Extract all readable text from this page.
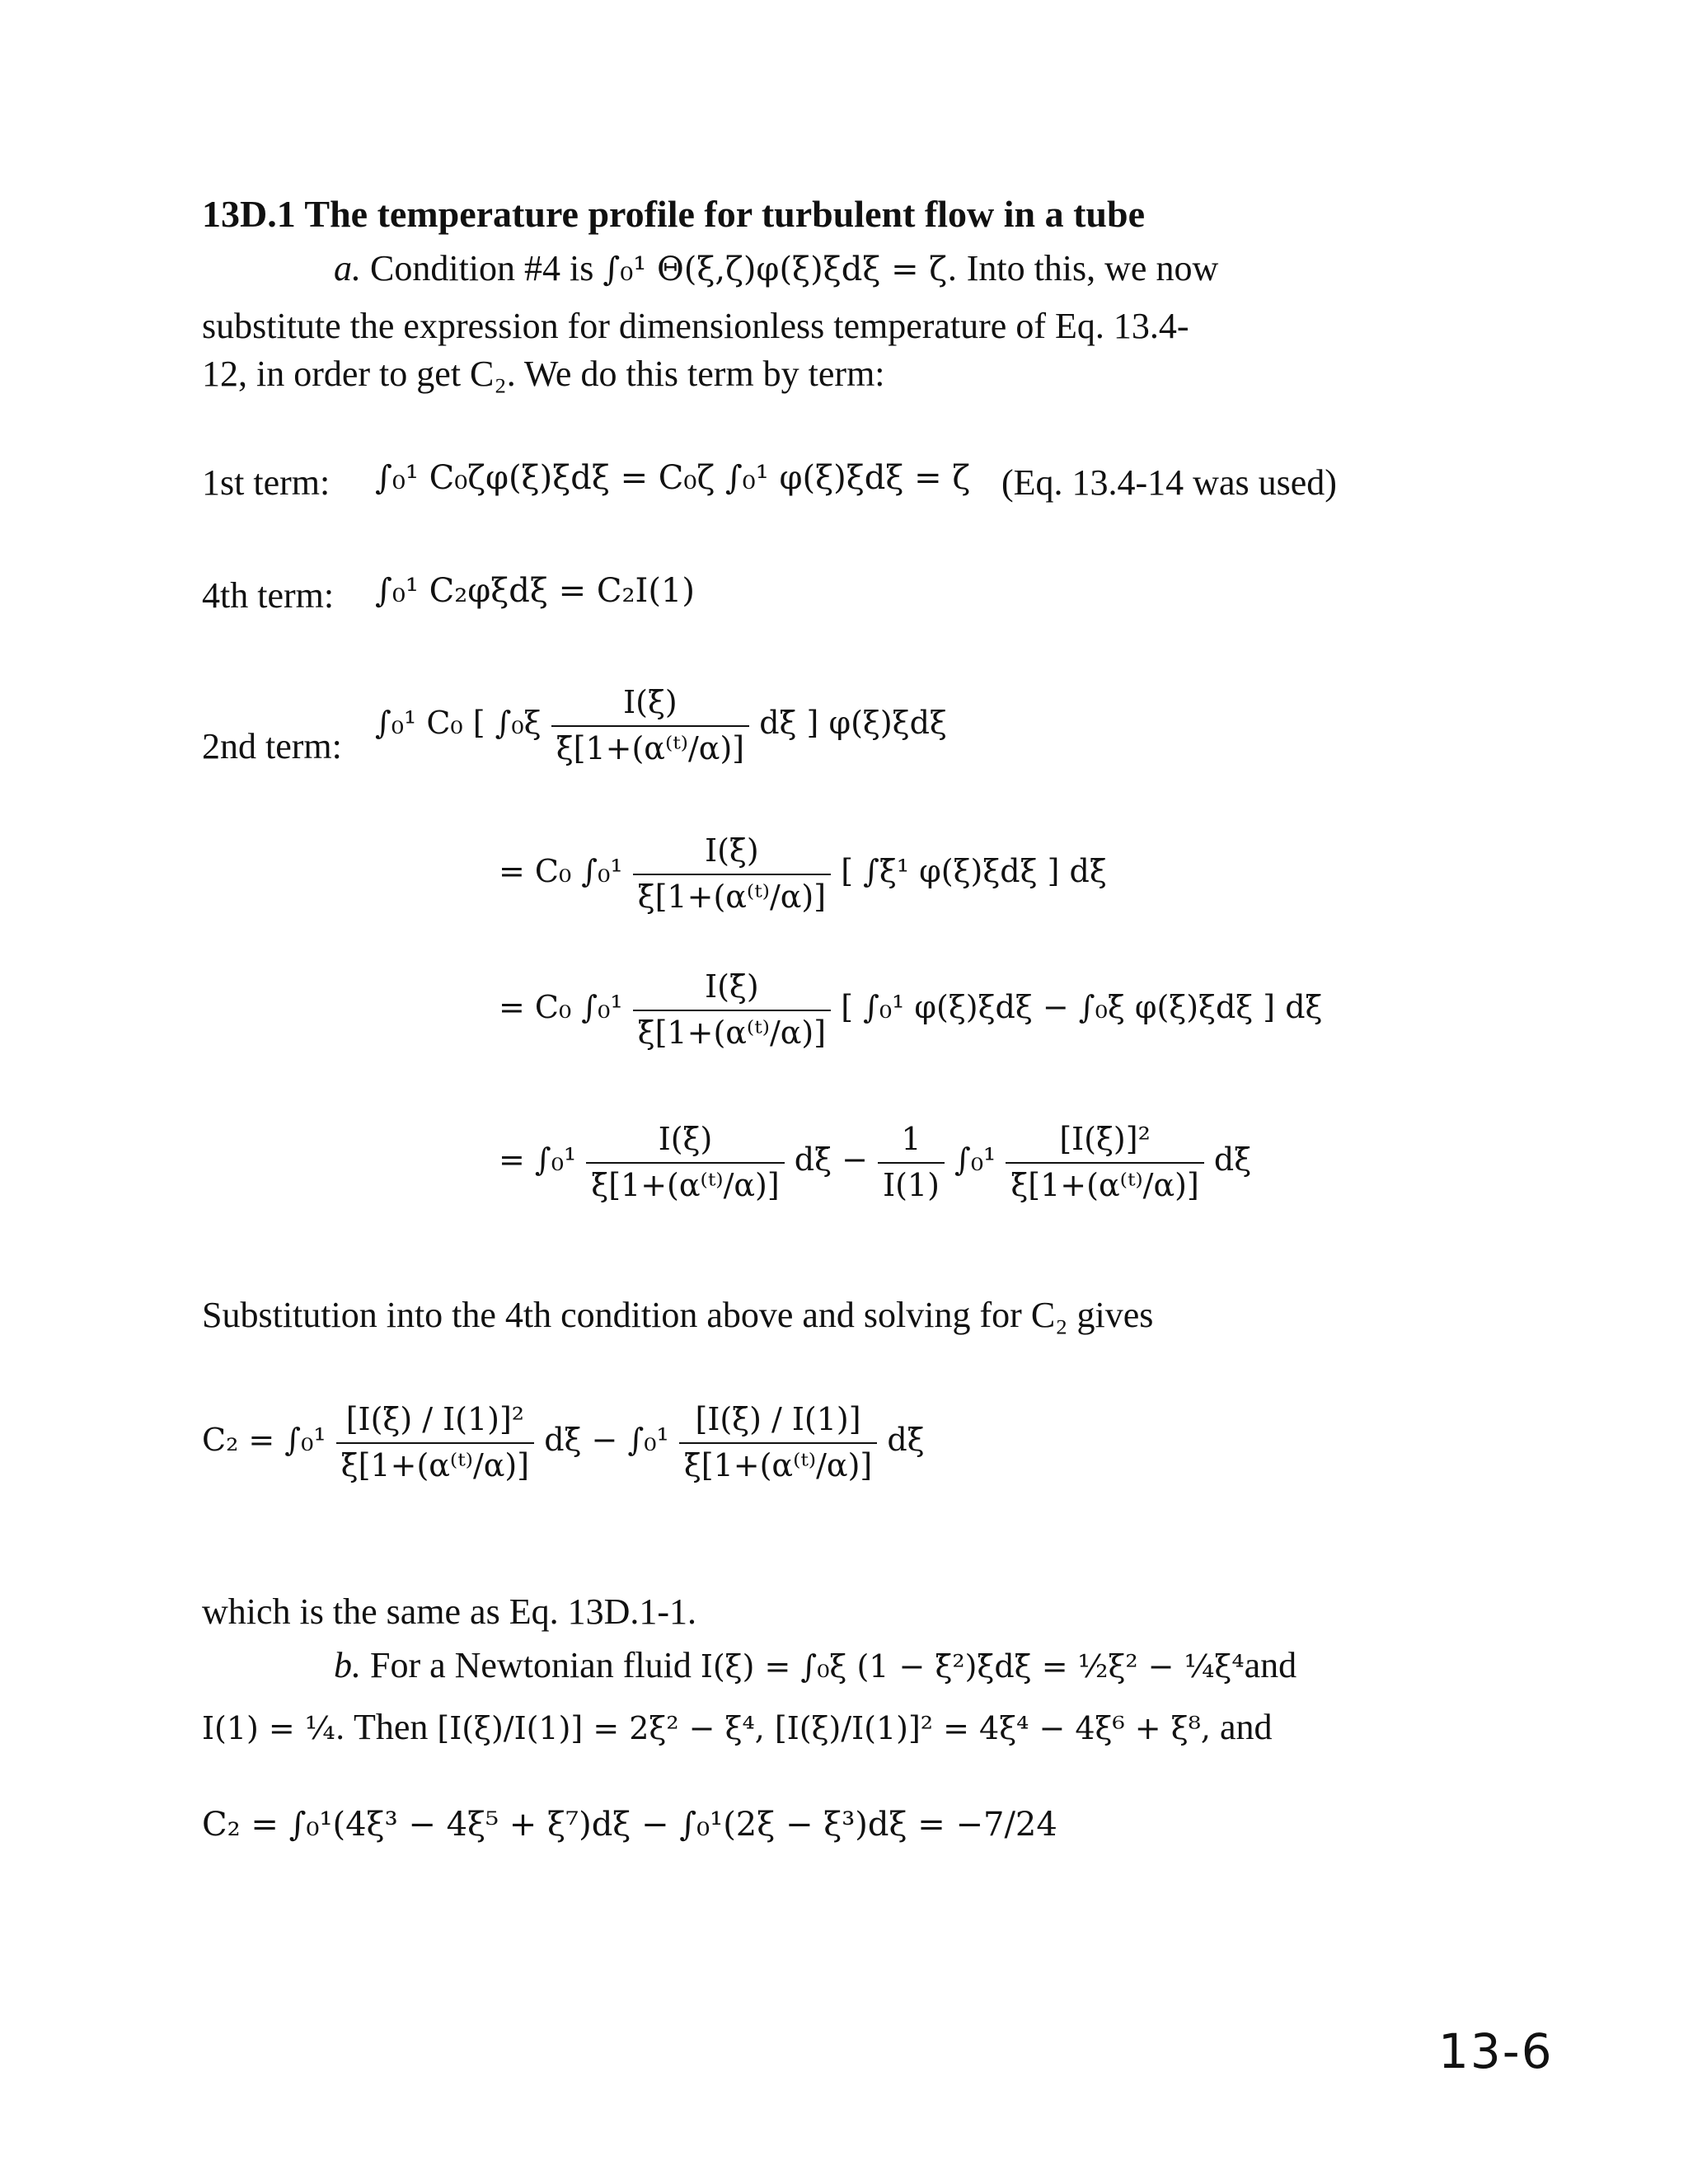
13D.1 The temperature profile for turbulent flow in a tube
a. Condition #4 is ∫₀¹ Θ(ξ,ζ)φ(ξ)ξdξ = ζ. Into this, we now
substitute the expression for dimensionless temperature of Eq. 13.4-
12, in order to get C₂. We do this term by term:
1st term: ∫₀¹ C₀ζφ(ξ)ξdξ = C₀ζ ∫₀¹ φ(ξ)ξdξ = ζ (Eq. 13.4-14 was used)
4th term: ∫₀¹ C₂φξdξ = C₂I(1)
2nd term:
∫₀¹ C₀ [ $\int_0\xi \frac{I(\xī)}{\text{ξ̄[1+(α⁽ᵗ⁾/α)]}}$ dξ̄ ] φ(ξ)ξdξ
= C₀ $\int_0^1 \frac{I(\xī)}{\text{ξ̄[1+(α⁽ᵗ⁾/α)]}}$ [ ∫ξ̄¹ φ(ξ)ξdξ ] dξ̄
= C₀ $\int_0^1 \frac{I(\xī)}{\text{ξ̄[1+(α⁽ᵗ⁾/α)]}}$ [ ∫₀¹ φ(ξ)ξdξ − ∫₀ξ̄ φ(ξ)ξdξ ] dξ̄
= $\int_0^1 \frac{I(\xī)}{\text{ξ̄[1+(α⁽ᵗ⁾/α)]}}$ dξ̄ − $\frac{1}{I(1)} \int_0^1 \frac{\text{[I(ξ̄)]²}}{\text{ξ̄[1+(α⁽ᵗ⁾/α)]}}$ dξ̄
Substitution into the 4th condition above and solving for C₂ gives
$C_2 = \int_0^1 \frac{\text{[I(ξ̄) / I(1)]²}}{\text{ξ̄[1+(α⁽ᵗ⁾/α)]}}$ dξ̄ − $\int_0^1 \frac{[I(\xī) / I(1)]}{\text{ξ̄[1+(α⁽ᵗ⁾/α)]}}$ dξ̄
which is the same as Eq. 13D.1-1.
b. For a Newtonian fluid I(ξ) = ∫₀ξ (1 − ξ̄²)ξ̄dξ̄ = ½ξ² − ¼ξ⁴and
I(1) = ¼. Then [I(ξ)/I(1)] = 2ξ² − ξ⁴, [I(ξ)/I(1)]² = 4ξ⁴ − 4ξ⁶ + ξ⁸, and
C₂ = ∫₀¹(4ξ³ − 4ξ⁵ + ξ⁷)dξ − ∫₀¹(2ξ − ξ³)dξ = −7/24
13-6
